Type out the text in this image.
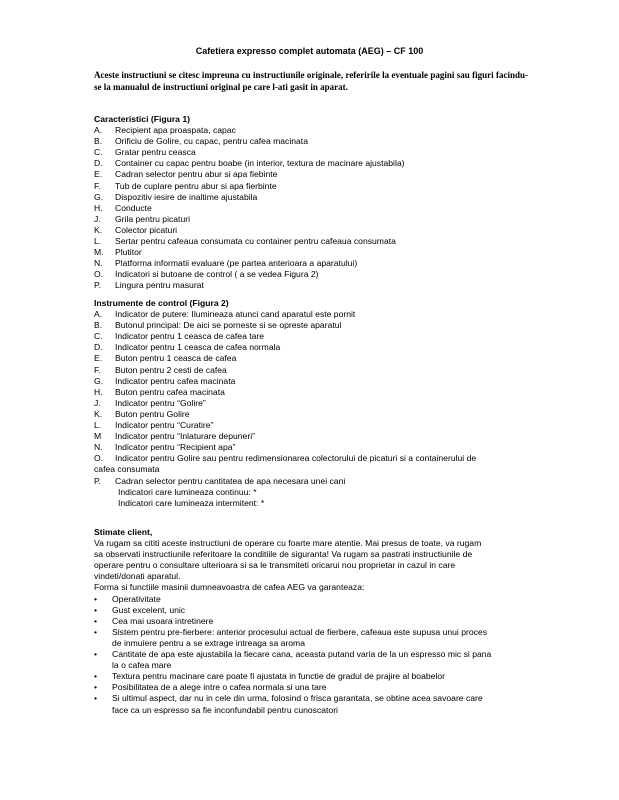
Cafetiera expresso complet automata (AEG) – CF 100
Aceste instructiuni se citesc impreuna cu instructiunile originale, referirile la eventuale pagini sau figuri facindu-se la manualul de instructiuni original pe care l-ati gasit in aparat.
Caracteristici (Figura 1)
A.	Recipient apa proaspata, capac
B.	Orificiu de Golire, cu capac, pentru cafea macinata
C.	Gratar pentru ceasca
D.	Container cu capac pentru boabe (in interior, textura de macinare ajustabila)
E.	Cadran selector pentru abur si apa fiebinte
F.	Tub de cuplare pentru abur si apa fierbinte
G.	Dispozitiv iesire de inaltime ajustabila
H.	Conducte
J.	Grila pentru picaturi
K.	Colector picaturi
L.	Sertar pentru cafeaua consumata cu container pentru cafeaua consumata
M.	Plutitor
N.	Platforma informatii evaluare (pe partea anterioara a aparatului)
O.	Indicatori si butoane de control ( a se vedea Figura 2)
P.	Lingura pentru masurat
Instrumente de control (Figura 2)
A.	Indicator de putere: Ilumineaza atunci cand aparatul este pornit
B.	Butonul principal: De aici se porneste si se opreste aparatul
C.	Indicator pentru 1 ceasca de cafea tare
D.	Indicator pentru 1 ceasca de cafea normala
E.	Buton pentru 1 ceasca de cafea
F.	Buton pentru 2 cesti de cafea
G.	Indicator pentru cafea macinata
H.	Buton pentru cafea macinata
J.	Indicator pentru “Golire”
K.	Buton pentru Golire
L.	Indicator pentru “Curatire”
M	Indicator pentru “Inlaturare depuneri”
N.	Indicator pentru “Recipient apa”
O.	Indicator pentru Golire sau pentru redimensionarea colectorului de picaturi si a containerului de
cafea consumata
P.	Cadran selector pentru cantitatea de apa necesara unei cani
Indicatori care lumineaza continuu: *
Indicatori care lumineaza intermitent: *
Stimate client,
Va rugam sa cititi aceste instructiuni de operare cu foarte mare atentie. Mai presus de toate, va rugam
sa observati instructiunile referitoare la conditiile de siguranta! Va rugam sa pastrati instructiunile de
operare pentru o consultare ulterioara si sa le transmiteti oricarui nou proprietar in cazul in care
vindeti/donati aparatul.
Forma si functiile masinii dumneavoastra de cafea AEG va garanteaza:
•	Operativitate
•	Gust excelent, unic
•	Cea mai usoara intretinere
•	Sistem pentru pre-fierbere: anterior procesului actual de fierbere, cafeaua este supusa unui proces
de inmuiere pentru a se extrage intreaga sa aroma
•	Cantitate de apa este ajustabila la fiecare cana, aceasta putand varia de la un espresso mic si pana
la o cafea mare
•	Textura pentru macinare care poate fi ajustata in functie de gradul de prajire al boabelor
•	Posibilitatea de a alege intre o cafea normala si una tare
•	Si ultimul aspect, dar nu in cele din urma, folosind o frisca garantata, se obtine acea savoare care
face ca un espresso sa fie inconfundabil pentru cunoscatori
